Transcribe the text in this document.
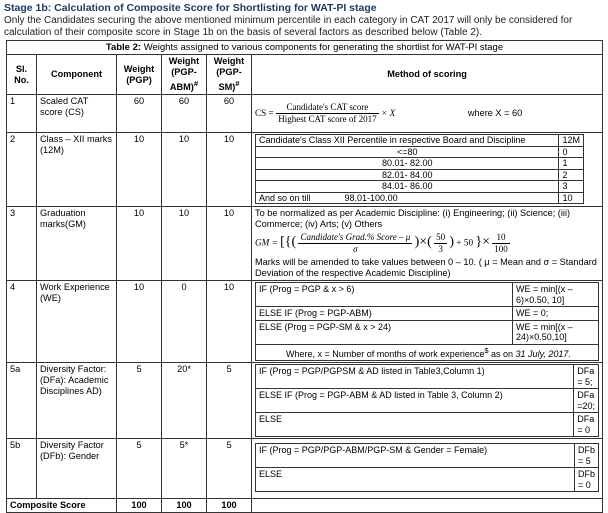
Stage 1b: Calculation of Composite Score for Shortlisting for WAT-PI stage
Only the Candidates securing the above mentioned minimum percentile in each category in CAT 2017 will only be considered for calculation of their composite score in Stage 1b on the basis of several factors as described below (Table 2).
Table 2: Weights assigned to various components for generating the shortlist for WAT-PI stage
Sl. No.	Component	Weight (PGP)	Weight (PGP-ABM)#	Weight (PGP-SM)#	Method of scoring
1	Scaled CAT score (CS)	60	60	60	CS = $\frac{\text{Candidate's CAT score}}{\text{Highest CAT score of 2017}} \times X$	where X = 60
2	Class – XII marks (12M)	10	10	10		Candidate's Class XII Percentile in respective Board and Discipline	12M
<=80	0
80.01- 82.00	1
82.01- 84.00	2
84.01- 86.00	3
And so on till	98.01-100.00	10

3	Graduation marks(GM)	10	10	10	To be normalized as per Academic Discipline: (i) Engineering; (ii) Science; (iii) Commerce; (iv) Arts; (v) Others
GM = [{( $\frac{\text{Candidate's Grad.\% Score – μ}}{\sigma}$ )×( $\frac{50}{3}$ ) + 50 }× $\frac{10}{100}$
Marks will be amended to take values between 0 – 10. ( μ = Mean and σ = Standard Deviation of the respective Academic Discipline)

4	Work Experience (WE)	10	0	10		IF (Prog = PGP & x > 6)	WE = min[(x – 6)×0.50, 10]
ELSE IF (Prog = PGP-ABM)	WE = 0;
ELSE (Prog = PGP-SM & x > 24)	WE = min[(x – 24)×0.50,10]
Where, x = Number of months of work experience$ as on 31 July, 2017.

5a	Diversity Factor: (DFa): Academic Disciplines AD)	5	20*	5		IF (Prog = PGP/PGPSM & AD listed in Table3,Column 1)	DFa = 5;
ELSE IF (Prog = PGP-ABM & AD listed in Table 3, Column 2)	DFa =20;
ELSE	DFa = 0

5b	Diversity Factor (DFb): Gender	5	5*	5		IF (Prog = PGP/PGP-ABM/PGP-SM & Gender = Female)	DFb = 5
ELSE	DFb = 0

Composite Score	100	100	100	
